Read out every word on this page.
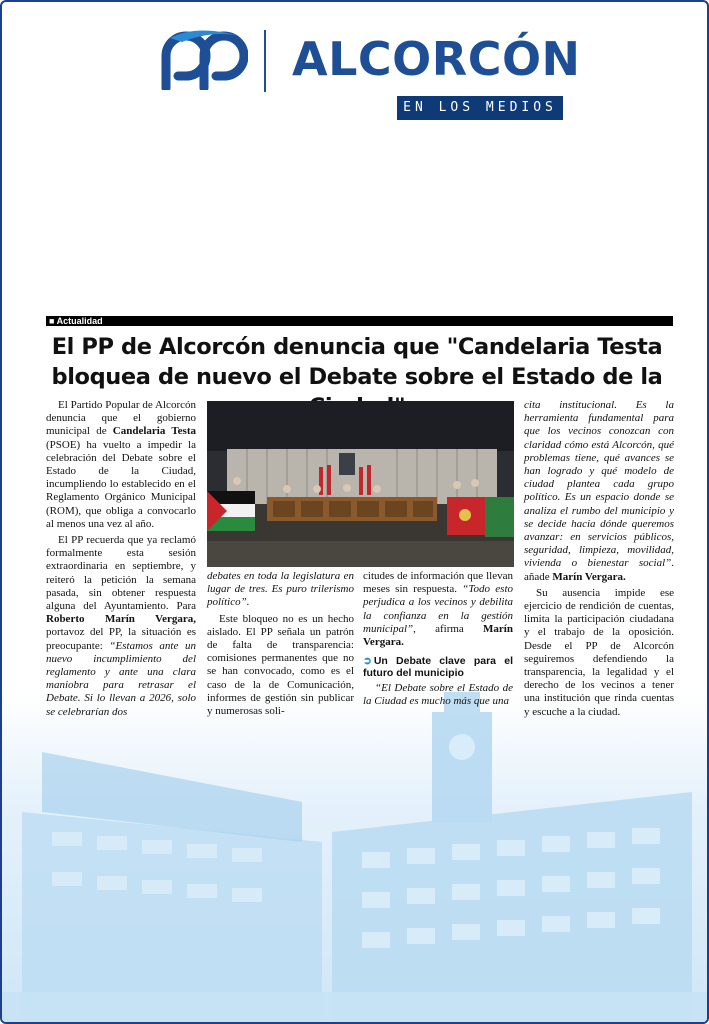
ALCORCÓN
EN LOS MEDIOS
■ Actualidad
El PP de Alcorcón denuncia que "Candelaria Testa bloquea de nuevo el Debate sobre el Estado de la

El Partido Popular de Alcorcón denuncia que el gobierno municipal de Candelaria Testa (PSOE) ha vuelto a impedir la celebración del Debate sobre el Estado de la Ciudad, incumpliendo lo establecido en el Reglamento Orgánico Municipal (ROM), que obliga a convocarlo al menos una vez al año.

El PP recuerda que ya reclamó formalmente esta sesión extraordinaria en septiembre, y reiteró la petición la semana pasada, sin obtener respuesta alguna del Ayuntamiento. Para Roberto Marín Vergara, portavoz del PP, la situación es preocupante: “Estamos ante un nuevo incumplimiento del reglamento y ante una clara maniobra para retrasar el Debate. Si lo llevan a 2026, solo se celebrarían dos

debates en toda la legislatura en lugar de tres. Es puro trilerismo político”.

Este bloqueo no es un hecho aislado. El PP señala un patrón de falta de transparencia: comisiones permanentes que no se han convocado, como es el caso de la de Comunicación, informes de gestión sin publicar y numerosas soli-

citudes de información que llevan meses sin respuesta. “Todo esto perjudica a los vecinos y debilita la confianza en la gestión municipal”, afirma Marín Vergara.

➲ Un Debate clave para el futuro del municipio

“El Debate sobre el Estado de la Ciudad es mucho más que una

cita institucional. Es la herramienta fundamental para que los vecinos conozcan con claridad cómo está Alcorcón, qué problemas tiene, qué avances se han logrado y qué modelo de ciudad plantea cada grupo político. Es un espacio donde se analiza el rumbo del municipio y se decide hacia dónde queremos avanzar: en servicios públicos, seguridad, limpieza, movilidad, vivienda o bienestar social”. añade Marín Vergara.

Su ausencia impide ese ejercicio de rendición de cuentas, limita la participación ciudadana y el trabajo de la oposición. Desde el PP de Alcorcón seguiremos defendiendo la transparencia, la legalidad y el derecho de los vecinos a tener una institución que rinda cuentas y escuche a la ciudad.
